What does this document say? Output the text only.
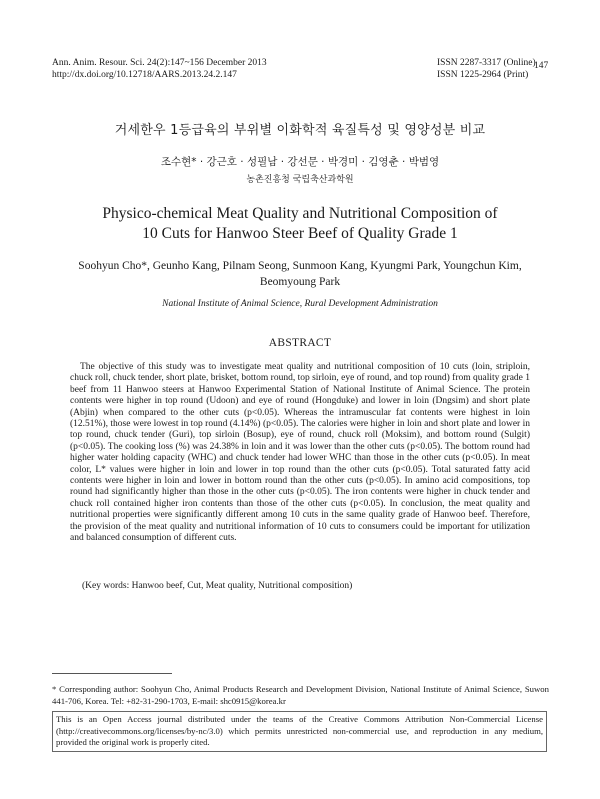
Ann. Anim. Resour. Sci. 24(2):147~156 December 2013
http://dx.doi.org/10.12718/AARS.2013.24.2.147
ISSN 2287-3317 (Online)
ISSN 1225-2964 (Print)
147
거세한우 1등급육의 부위별 이화학적 육질특성 및 영양성분 비교
조수현* · 강근호 · 성필남 · 강선문 · 박경미 · 김영춘 · 박범영
농촌진흥청 국립축산과학원
Physico-chemical Meat Quality and Nutritional Composition of
10 Cuts for Hanwoo Steer Beef of Quality Grade 1
Soohyun Cho*, Geunho Kang, Pilnam Seong, Sunmoon Kang, Kyungmi Park, Youngchun Kim,
Beomyoung Park
National Institute of Animal Science, Rural Development Administration
ABSTRACT

The objective of this study was to investigate meat quality and nutritional composition of 10 cuts (loin, striploin, chuck roll, chuck tender, short plate, brisket, bottom round, top sirloin, eye of round, and top round) from quality grade 1 beef from 11 Hanwoo steers at Hanwoo Experimental Station of National Institute of Animal Science. The protein contents were higher in top round (Udoon) and eye of round (Hongduke) and lower in loin (Dngsim) and short plate (Abjin) when compared to the other cuts (p<0.05). Whereas the intramuscular fat contents were highest in loin (12.51%), those were lowest in top round (4.14%) (p<0.05). The calories were higher in loin and short plate and lower in top round, chuck tender (Guri), top sirloin (Bosup), eye of round, chuck roll (Moksim), and bottom round (Sulgit) (p<0.05). The cooking loss (%) was 24.38% in loin and it was lower than the other cuts (p<0.05). The bottom round had higher water holding capacity (WHC) and chuck tender had lower WHC than those in the other cuts (p<0.05). In meat color, L* values were higher in loin and lower in top round than the other cuts (p<0.05). Total saturated fatty acid contents were higher in loin and lower in bottom round than the other cuts (p<0.05). In amino acid compositions, top round had significantly higher than those in the other cuts (p<0.05). The iron contents were higher in chuck tender and chuck roll contained higher iron contents than those of the other cuts (p<0.05). In conclusion, the meat quality and nutritional properties were significantly different among 10 cuts in the same quality grade of Hanwoo beef. Therefore, the provision of the meat quality and nutritional information of 10 cuts to consumers could be important for utilization and balanced consumption of different cuts.

(Key words: Hanwoo beef, Cut, Meat quality, Nutritional composition)

* Corresponding author: Soohyun Cho, Animal Products Research and Development Division, National Institute of Animal Science, Suwon 441-706, Korea. Tel: +82-31-290-1703, E-mail: shc0915@korea.kr

This is an Open Access journal distributed under the teams of the Creative Commons Attribution Non-Commercial License (http://creativecommons.org/licenses/by-nc/3.0) which permits unrestricted non-commercial use, and reproduction in any medium, provided the original work is properly cited.
